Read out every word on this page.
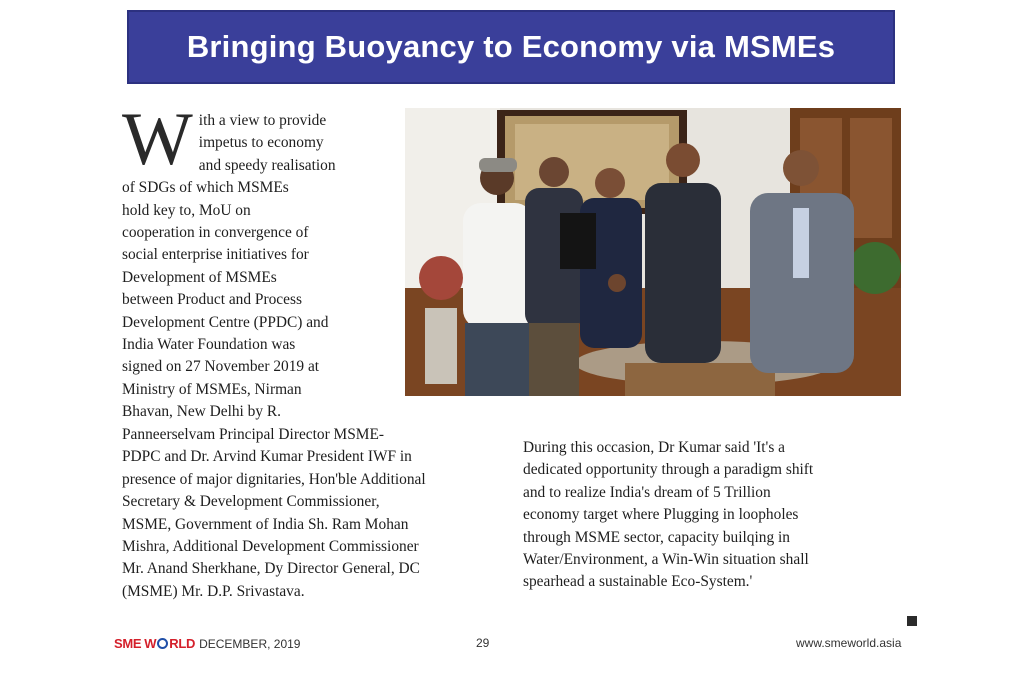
Bringing Buoyancy to Economy via MSMEs
W ith a view to provide
impetus to economy
and speedy realisation
of SDGs of which MSMEs
hold key to, MoU on
cooperation in convergence of
social enterprise initiatives for
Development of MSMEs
between Product and Process
Development Centre (PPDC) and
India Water Foundation was
signed on 27 November 2019 at
Ministry of MSMEs, Nirman
Bhavan, New Delhi by R.
Panneerselvam Principal Director MSME-
PDPC and Dr. Arvind Kumar President IWF in
presence of major dignitaries, Hon'ble Additional
Secretary & Development Commissioner,
MSME, Government of India Sh. Ram Mohan
Mishra, Additional Development Commissioner
Mr. Anand Sherkhane, Dy Director General, DC
(MSME) Mr. D.P. Srivastava.
During this occasion, Dr Kumar said 'It's a
dedicated opportunity through a paradigm shift
and to realize India's dream of 5 Trillion
economy target where Plugging in loopholes
through MSME sector, capacity builqing in
Water/Environment, a Win-Win situation shall
spearhead a sustainable Eco-System.'
SME W RLD DECEMBER, 2019	29	www.smeworld.asia
